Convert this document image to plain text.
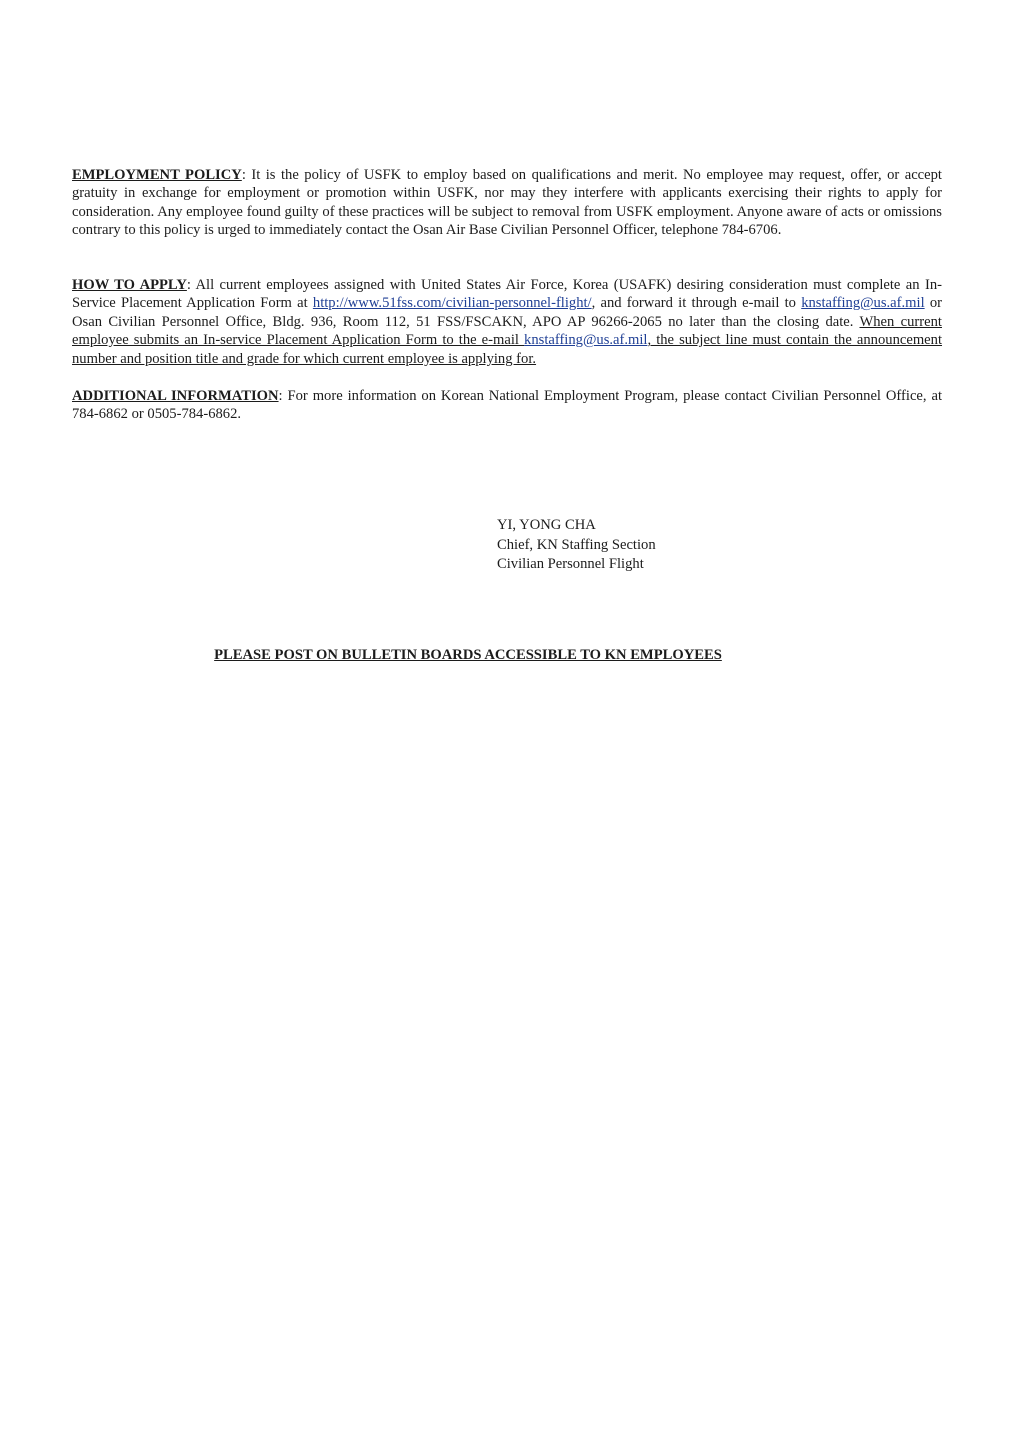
EMPLOYMENT POLICY: It is the policy of USFK to employ based on qualifications and merit. No employee may request, offer, or accept gratuity in exchange for employment or promotion within USFK, nor may they interfere with applicants exercising their rights to apply for consideration. Any employee found guilty of these practices will be subject to removal from USFK employment. Anyone aware of acts or omissions contrary to this policy is urged to immediately contact the Osan Air Base Civilian Personnel Officer, telephone 784-6706.
HOW TO APPLY: All current employees assigned with United States Air Force, Korea (USAFK) desiring consideration must complete an In-Service Placement Application Form at http://www.51fss.com/civilian-personnel-flight/, and forward it through e-mail to knstaffing@us.af.mil or Osan Civilian Personnel Office, Bldg. 936, Room 112, 51 FSS/FSCAKN, APO AP 96266-2065 no later than the closing date. When current employee submits an In-service Placement Application Form to the e-mail knstaffing@us.af.mil, the subject line must contain the announcement number and position title and grade for which current employee is applying for.
ADDITIONAL INFORMATION: For more information on Korean National Employment Program, please contact Civilian Personnel Office, at 784-6862 or 0505-784-6862.
YI, YONG CHA
Chief, KN Staffing Section
Civilian Personnel Flight
PLEASE POST ON BULLETIN BOARDS ACCESSIBLE TO KN EMPLOYEES
